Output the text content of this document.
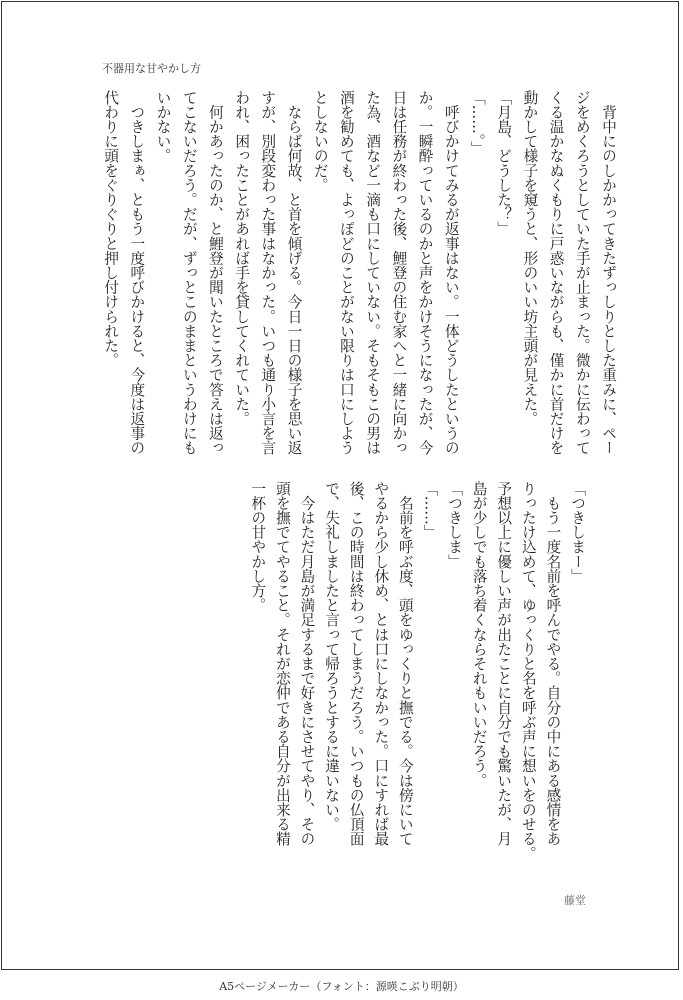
不器用な甘やかし方
　背中にのしかかってきたずっしりとした重みに、ペー
ジをめくろうとしていた手が止まった。微かに伝わって
くる温かなぬくもりに戸惑いながらも、僅かに首だけを
動かして様子を窺うと、形のいい坊主頭が見えた。
「月島、どうした？」
「……。」
　呼びかけてみるが返事はない。一体どうしたというの
か。一瞬酔っているのかと声をかけそうになったが、今
日は任務が終わった後、鯉登の住む家へと一緒に向かっ
た為、酒など一滴も口にしていない。そもそもこの男は
酒を勧めても、よっぽどのことがない限りは口にしよう
としないのだ。
　ならば何故、と首を傾げる。今日一日の様子を思い返
すが、別段変わった事はなかった。いつも通り小言を言
われ、困ったことがあれば手を貸してくれていた。
　何かあったのか、と鯉登が聞いたところで答えは返っ
てこないだろう。だが、ずっとこのままというわけにも
いかない。
　つきしまぁ、ともう一度呼びかけると、今度は返事の
代わりに頭をぐりぐりと押し付けられた。
「つきしまー」
　もう一度名前を呼んでやる。自分の中にある感情をあ
りったけ込めて、ゆっくりと名を呼ぶ声に想いをのせる。
予想以上に優しい声が出たことに自分でも驚いたが、月
島が少しでも落ち着くならそれもいいだろう。
「つきしま」
「……」
　名前を呼ぶ度、頭をゆっくりと撫でる。今は傍にいて
やるから少し休め、とは口にしなかった。口にすれば最
後、この時間は終わってしまうだろう。いつもの仏頂面
で、失礼しましたと言って帰ろうとするに違いない。
　今はただ月島が満足するまで好きにさせてやり、その
頭を撫でてやること。それが恋仲である自分が出来る精
一杯の甘やかし方。
藤堂
A5ページメーカー（フォント：源暎こぶり明朝）
